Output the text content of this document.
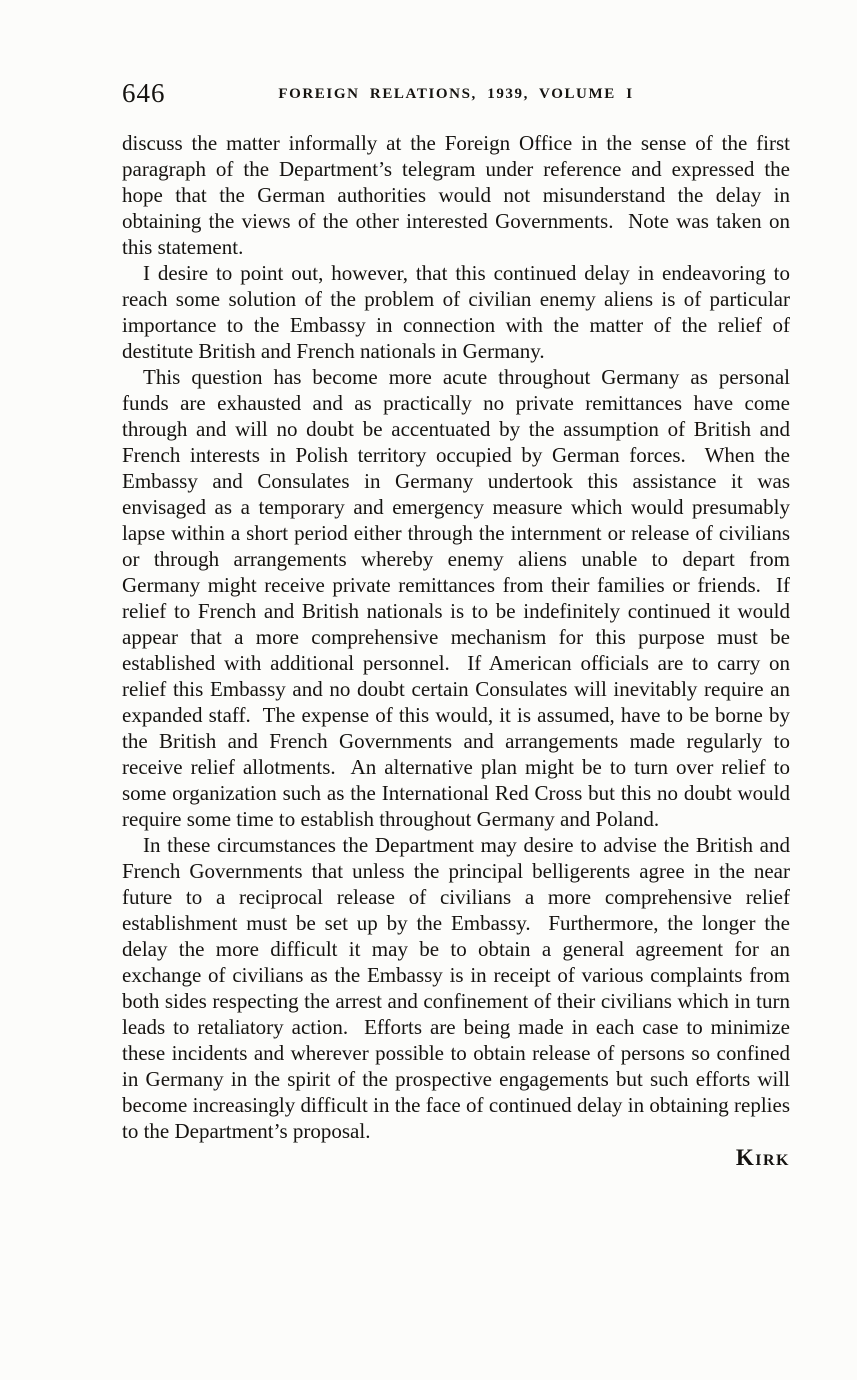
646	FOREIGN RELATIONS, 1939, VOLUME I

discuss the matter informally at the Foreign Office in the sense of the first paragraph of the Department’s telegram under reference and expressed the hope that the German authorities would not misunderstand the delay in obtaining the views of the other interested Governments.  Note was taken on this statement.

I desire to point out, however, that this continued delay in endeavoring to reach some solution of the problem of civilian enemy aliens is of particular importance to the Embassy in connection with the matter of the relief of destitute British and French nationals in Germany.

This question has become more acute throughout Germany as personal funds are exhausted and as practically no private remittances have come through and will no doubt be accentuated by the assumption of British and French interests in Polish territory occupied by German forces.  When the Embassy and Consulates in Germany undertook this assistance it was envisaged as a temporary and emergency measure which would presumably lapse within a short period either through the internment or release of civilians or through arrangements whereby enemy aliens unable to depart from Germany might receive private remittances from their families or friends.  If relief to French and British nationals is to be indefinitely continued it would appear that a more comprehensive mechanism for this purpose must be established with additional personnel.  If American officials are to carry on relief this Embassy and no doubt certain Consulates will inevitably require an expanded staff.  The expense of this would, it is assumed, have to be borne by the British and French Governments and arrangements made regularly to receive relief allotments.  An alternative plan might be to turn over relief to some organization such as the International Red Cross but this no doubt would require some time to establish throughout Germany and Poland.

In these circumstances the Department may desire to advise the British and French Governments that unless the principal belligerents agree in the near future to a reciprocal release of civilians a more comprehensive relief establishment must be set up by the Embassy.  Furthermore, the longer the delay the more difficult it may be to obtain a general agreement for an exchange of civilians as the Embassy is in receipt of various complaints from both sides respecting the arrest and confinement of their civilians which in turn leads to retaliatory action.  Efforts are being made in each case to minimize these incidents and wherever possible to obtain release of persons so confined in Germany in the spirit of the prospective engagements but such efforts will become increasingly difficult in the face of continued delay in obtaining replies to the Department’s proposal.

Kirk
